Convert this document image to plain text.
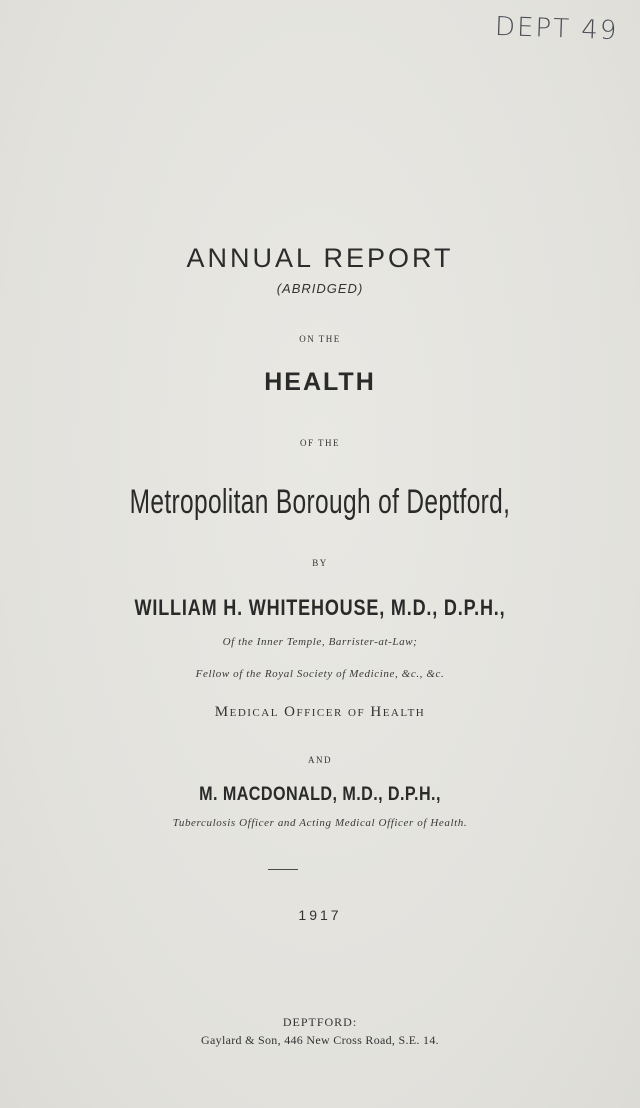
DEPT 49
ANNUAL REPORT
(ABRIDGED)
ON THE
HEALTH
OF THE
Metropolitan Borough of Deptford,
BY
WILLIAM H. WHITEHOUSE, M.D., D.P.H.,
Of the Inner Temple, Barrister-at-Law;
Fellow of the Royal Society of Medicine, &c., &c.
Medical Officer of Health
AND
M. MACDONALD, M.D., D.P.H.,
Tuberculosis Officer and Acting Medical Officer of Health.
1917
DEPTFORD:
Gaylard & Son, 446 New Cross Road, S.E. 14.
